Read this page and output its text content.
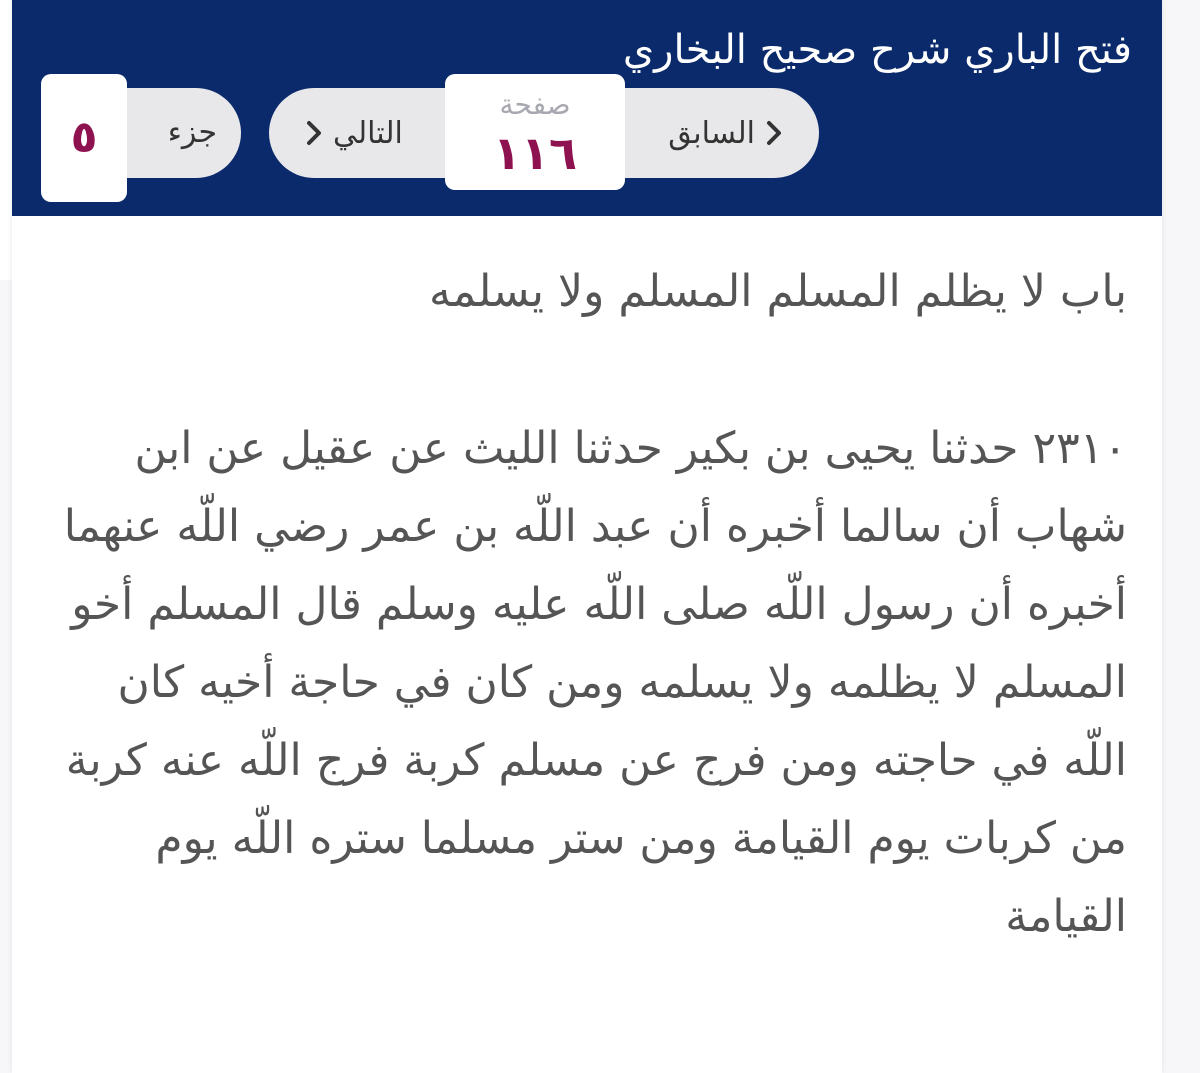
فتح الباري شرح صحيح البخاري
السابق
التالي
صفحة
١١٦
جزء
٥
باب لا يظلم المسلم المسلم ولا يسلمه

٢٣١٠ حدثنا يحيى بن بكير حدثنا الليث عن عقيل عن ابن شهاب أن سالما أخبره أن عبد اللّه بن عمر رضي اللّه عنهما أخبره أن رسول اللّه صلى اللّه عليه وسلم قال المسلم أخو المسلم لا يظلمه ولا يسلمه ومن كان في حاجة أخيه كان اللّه في حاجته ومن فرج عن مسلم كربة فرج اللّه عنه كربة من كربات يوم القيامة ومن ستر مسلما ستره اللّه يوم القيامة
